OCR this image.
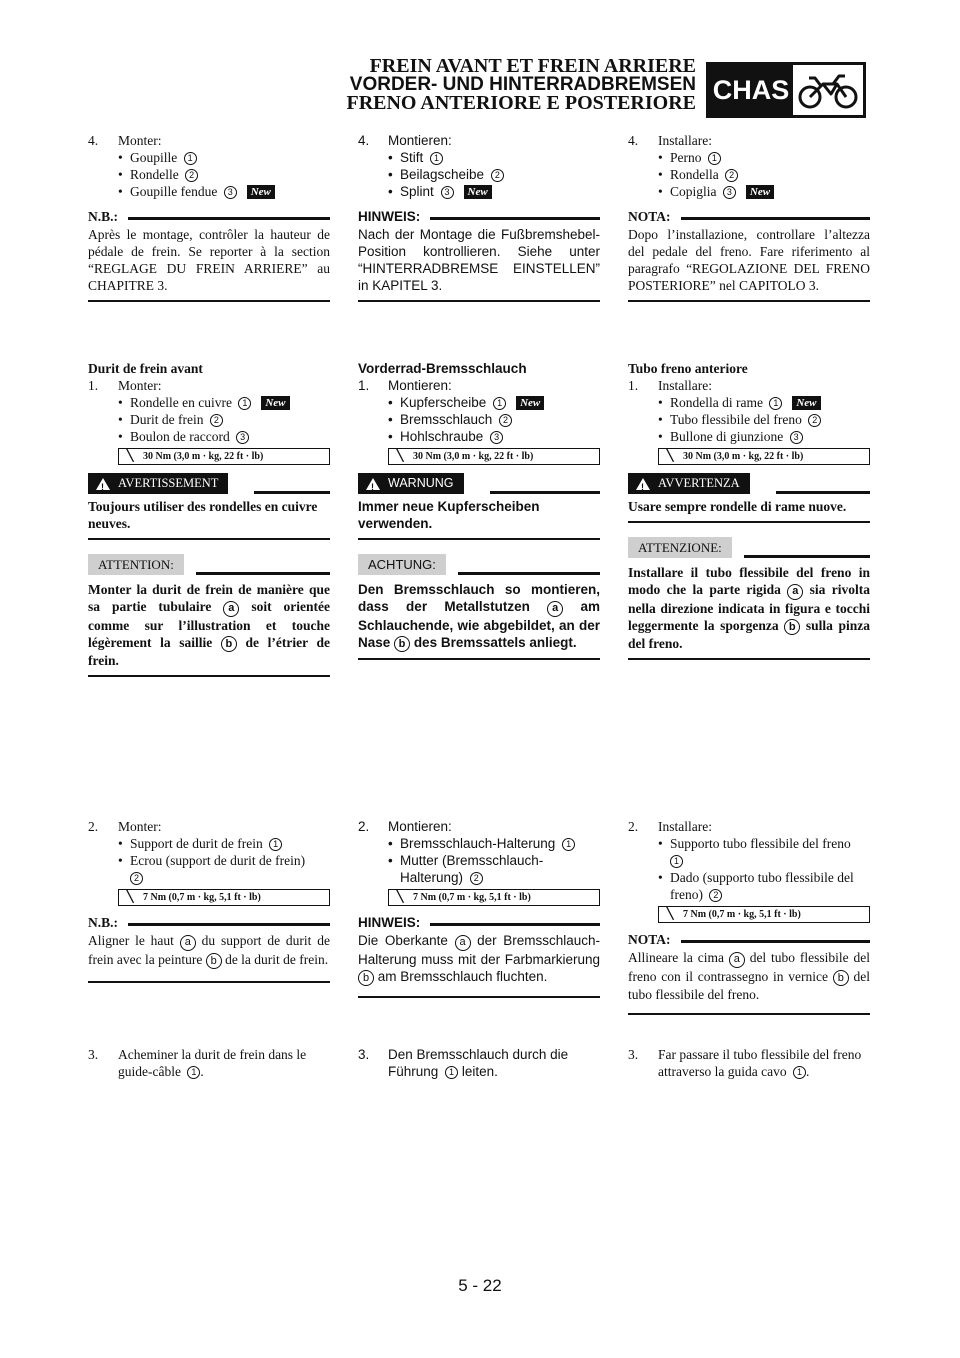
FREIN AVANT ET FREIN ARRIERE
VORDER- UND HINTERRADBREMSEN
FRENO ANTERIORE E POSTERIORE CHAS
4.	Monter:
• Goupille 1
• Rondelle 2
• Goupille fendue 3 New
N.B.:
Après le montage, contrôler la hauteur de pédale de frein. Se reporter à la section “REGLAGE DU FREIN ARRIERE” au CHAPITRE 3.
Durit de frein avant
1.	Monter:
• Rondelle en cuivre 1 New
• Durit de frein 2
• Boulon de raccord 3
╲ 30 Nm (3,0 m · kg, 22 ft · lb)
!
AVERTISSEMENT
Toujours utiliser des rondelles en cuivre neuves.
ATTENTION:
Monter la durit de frein de manière que sa partie tubulaire a soit orientée comme sur l’illustration et touche légèrement la saillie b de l’étrier de frein.
2.	Monter:
• Support de durit de frein 1
• Ecrou (support de durit de frein)
2
╲ 7 Nm (0,7 m · kg, 5,1 ft · lb)
N.B.:
Aligner le haut a du support de durit de frein avec la peinture b de la durit de frein.
3.	Acheminer la durit de frein dans le guide-câble 1 .
4.	Montieren:
• Stift 1
• Beilagscheibe 2
• Splint 3 New
HINWEIS:
Nach der Montage die Fußbremshebel-Position kontrollieren. Siehe unter “HINTERRADBREMSE EINSTELLEN” in KAPITEL 3.
Vorderrad-Bremsschlauch
1.	Montieren:
• Kupferscheibe 1 New
• Bremsschlauch 2
• Hohlschraube 3
╲ 30 Nm (3,0 m · kg, 22 ft · lb)
!
WARNUNG
Immer neue Kupferscheiben verwenden.
ACHTUNG:
Den Bremsschlauch so montieren, dass der Metallstutzen a am Schlauchende, wie abgebildet, an der Nase b des Bremssattels anliegt.
2.	Montieren:
• Bremsschlauch-Halterung 1
• Mutter (Bremsschlauch-Halterung) 2
╲ 7 Nm (0,7 m · kg, 5,1 ft · lb)
HINWEIS:
Die Oberkante a der Bremsschlauch-Halterung muss mit der Farbmarkierung b am Bremsschlauch fluchten.
3.	Den Bremsschlauch durch die Führung 1 leiten.
4.	Installare:
• Perno 1
• Rondella 2
• Copiglia 3 New
NOTA:
Dopo l’installazione, controllare l’altezza del pedale del freno. Fare riferimento al paragrafo “REGOLAZIONE DEL FRENO POSTERIORE” nel CAPITOLO 3.
Tubo freno anteriore
1.	Installare:
• Rondella di rame 1 New
• Tubo flessibile del freno 2
• Bullone di giunzione 3
╲ 30 Nm (3,0 m · kg, 22 ft · lb)
!
AVVERTENZA
Usare sempre rondelle di rame nuove.
ATTENZIONE:
Installare il tubo flessibile del freno in modo che la parte rigida a sia rivolta nella direzione indicata in figura e tocchi leggermente la sporgenza b sulla pinza del freno.
2.	Installare:
• Supporto tubo flessibile del freno
1
• Dado (supporto tubo flessibile del freno) 2
╲ 7 Nm (0,7 m · kg, 5,1 ft · lb)
NOTA:
Allineare la cima a del tubo flessibile del freno con il contrassegno in vernice b del tubo flessibile del freno.
3.	Far passare il tubo flessibile del freno attraverso la guida cavo 1 .
5 - 22
